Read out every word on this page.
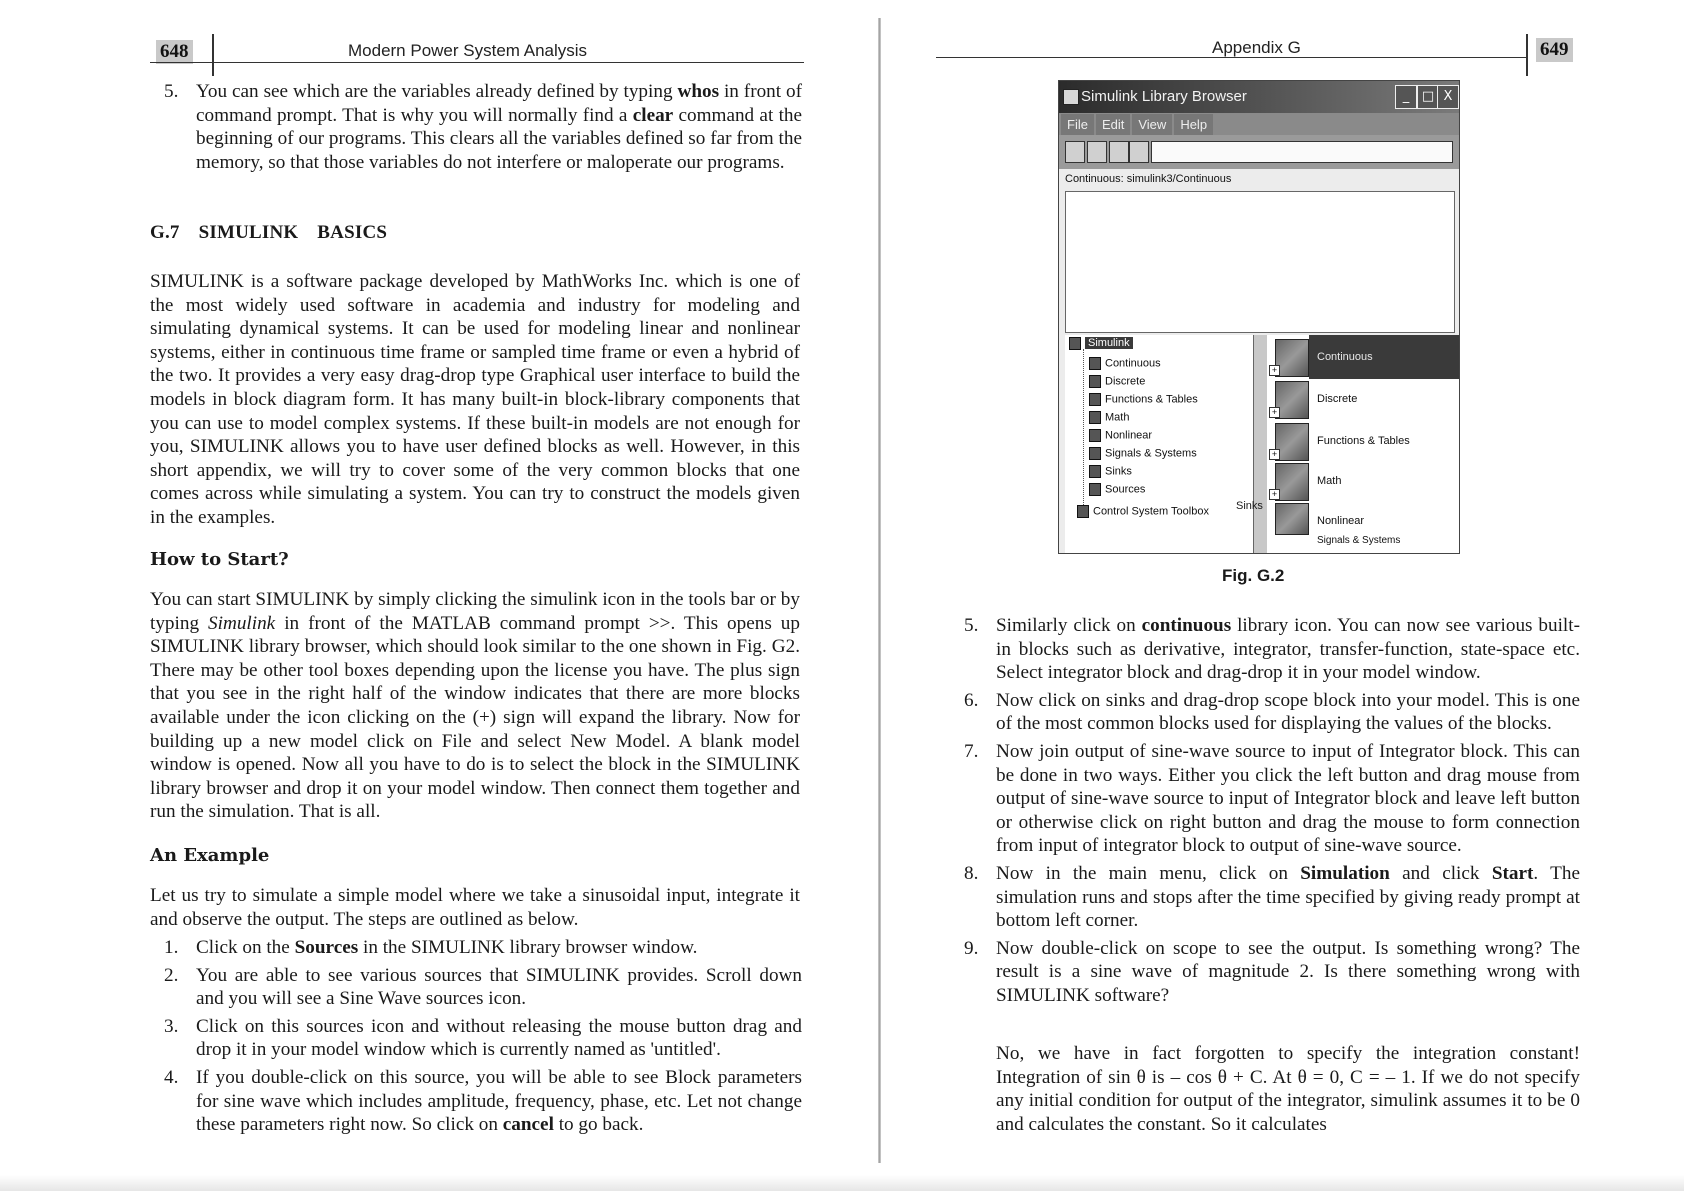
648	Modern Power System Analysis
5. You can see which are the variables already defined by typing whos in front of command prompt. That is why you will normally find a clear command at the beginning of our programs. This clears all the variables defined so far from the memory, so that those variables do not interfere or maloperate our programs.
G.7 SIMULINK BASICS

SIMULINK is a software package developed by MathWorks Inc. which is one of the most widely used software in academia and industry for modeling and simulating dynamical systems. It can be used for modeling linear and nonlinear systems, either in continuous time frame or sampled time frame or even a hybrid of the two. It provides a very easy drag-drop type Graphical user interface to build the models in block diagram form. It has many built-in block-library components that you can use to model complex systems. If these built-in models are not enough for you, SIMULINK allows you to have user defined blocks as well. However, in this short appendix, we will try to cover some of the very common blocks that one comes across while simulating a system. You can try to construct the models given in the examples.

How to Start?

You can start SIMULINK by simply clicking the simulink icon in the tools bar or by typing Simulink in front of the MATLAB command prompt >>. This opens up SIMULINK library browser, which should look similar to the one shown in Fig. G2. There may be other tool boxes depending upon the license you have. The plus sign that you see in the right half of the window indicates that there are more blocks available under the icon clicking on the (+) sign will expand the library. Now for building up a new model click on File and select New Model. A blank model window is opened. Now all you have to do is to select the block in the SIMULINK library browser and drop it on your model window. Then connect them together and run the simulation. That is all.

An Example

Let us try to simulate a simple model where we take a sinusoidal input, integrate it and observe the output. The steps are outlined as below.

1. Click on the Sources in the SIMULINK library browser window.
2. You are able to see various sources that SIMULINK provides. Scroll down and you will see a Sine Wave sources icon.
3. Click on this sources icon and without releasing the mouse button drag and drop it in your model window which is currently named as 'untitled'.
4. If you double-click on this source, you will be able to see Block parameters for sine wave which includes amplitude, frequency, phase, etc. Let not change these parameters right now. So click on cancel to go back.
Appendix G	649
Simulink Library Browser	_ □ X
File Edit View Help
Continuous: simulink3/Continuous
Simulink
Continuous
Discrete
Functions & Tables
Math
Nonlinear
Signals & Systems
Sinks
Sources
Control System Toolbox
Continuous
+
Discrete
+
Functions & Tables
+
Math
+
Nonlinear
Signals & Systems
Sinks
Fig. G.2
5. Similarly click on continuous library icon. You can now see various built-in blocks such as derivative, integrator, transfer-function, state-space etc. Select integrator block and drag-drop it in your model window.
6. Now click on sinks and drag-drop scope block into your model. This is one of the most common blocks used for displaying the values of the blocks.
7. Now join output of sine-wave source to input of Integrator block. This can be done in two ways. Either you click the left button and drag mouse from output of sine-wave source to input of Integrator block and leave left button or otherwise click on right button and drag the mouse to form connection from input of integrator block to output of sine-wave source.
8. Now in the main menu, click on Simulation and click Start. The simulation runs and stops after the time specified by giving ready prompt at bottom left corner.
9. Now double-click on scope to see the output. Is something wrong? The result is a sine wave of magnitude 2. Is there something wrong with SIMULINK software?

No, we have in fact forgotten to specify the integration constant! Integration of sin θ is – cos θ + C. At θ = 0, C = – 1. If we do not specify any initial condition for output of the integrator, simulink assumes it to be 0 and calculates the constant. So it calculates
